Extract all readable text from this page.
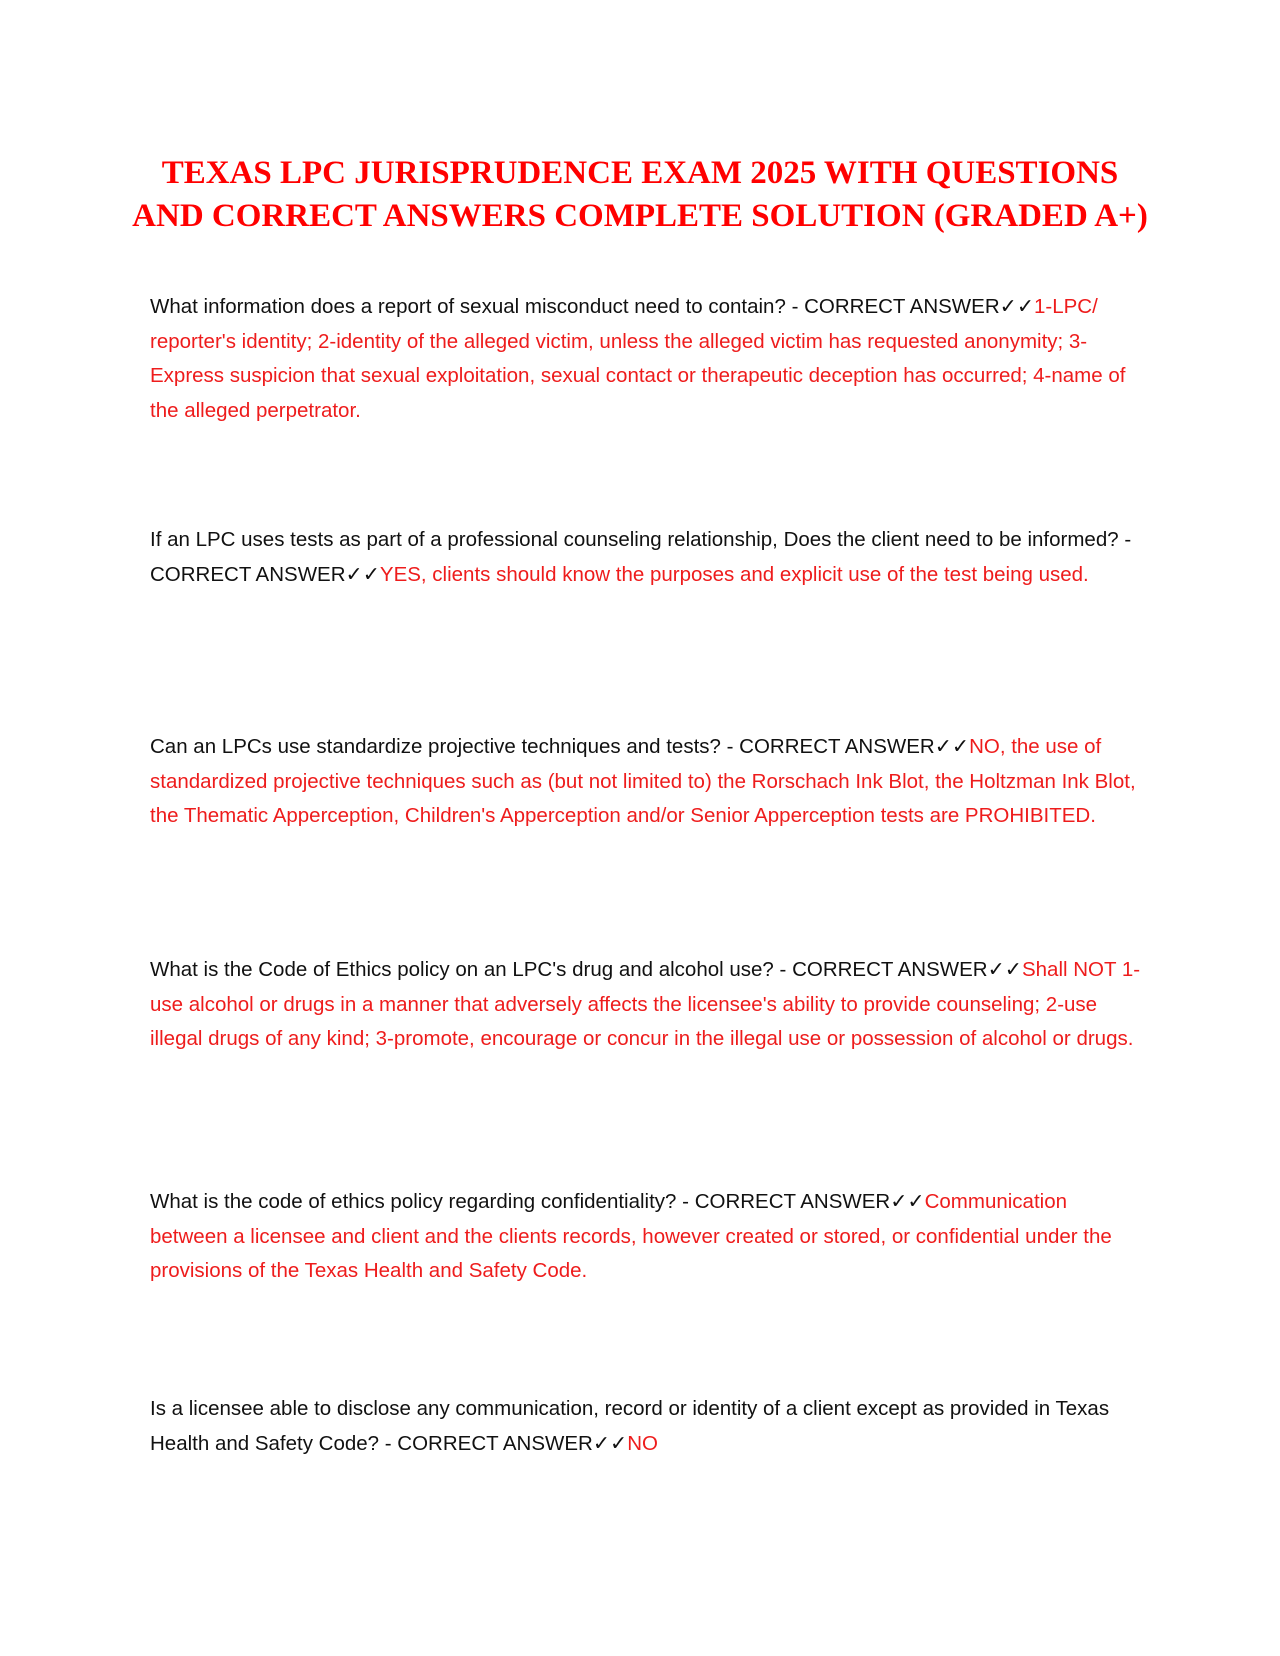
TEXAS LPC JURISPRUDENCE EXAM 2025 WITH QUESTIONS
AND CORRECT ANSWERS COMPLETE SOLUTION (GRADED A+)

What information does a report of sexual misconduct need to contain? - CORRECT ANSWER✓✓1-LPC/ reporter's identity; 2-identity of the alleged victim, unless the alleged victim has requested anonymity; 3-Express suspicion that sexual exploitation, sexual contact or therapeutic deception has occurred; 4-name of the alleged perpetrator.

If an LPC uses tests as part of a professional counseling relationship, Does the client need to be informed? - CORRECT ANSWER✓✓YES, clients should know the purposes and explicit use of the test being used.

Can an LPCs use standardize projective techniques and tests? - CORRECT ANSWER✓✓NO, the use of standardized projective techniques such as (but not limited to) the Rorschach Ink Blot, the Holtzman Ink Blot, the Thematic Apperception, Children's Apperception and/or Senior Apperception tests are PROHIBITED.

What is the Code of Ethics policy on an LPC's drug and alcohol use? - CORRECT ANSWER✓✓Shall NOT 1-use alcohol or drugs in a manner that adversely affects the licensee's ability to provide counseling; 2-use illegal drugs of any kind; 3-promote, encourage or concur in the illegal use or possession of alcohol or drugs.

What is the code of ethics policy regarding confidentiality? - CORRECT ANSWER✓✓Communication between a licensee and client and the clients records, however created or stored, or confidential under the provisions of the Texas Health and Safety Code.

Is a licensee able to disclose any communication, record or identity of a client except as provided in Texas Health and Safety Code? - CORRECT ANSWER✓✓NO
